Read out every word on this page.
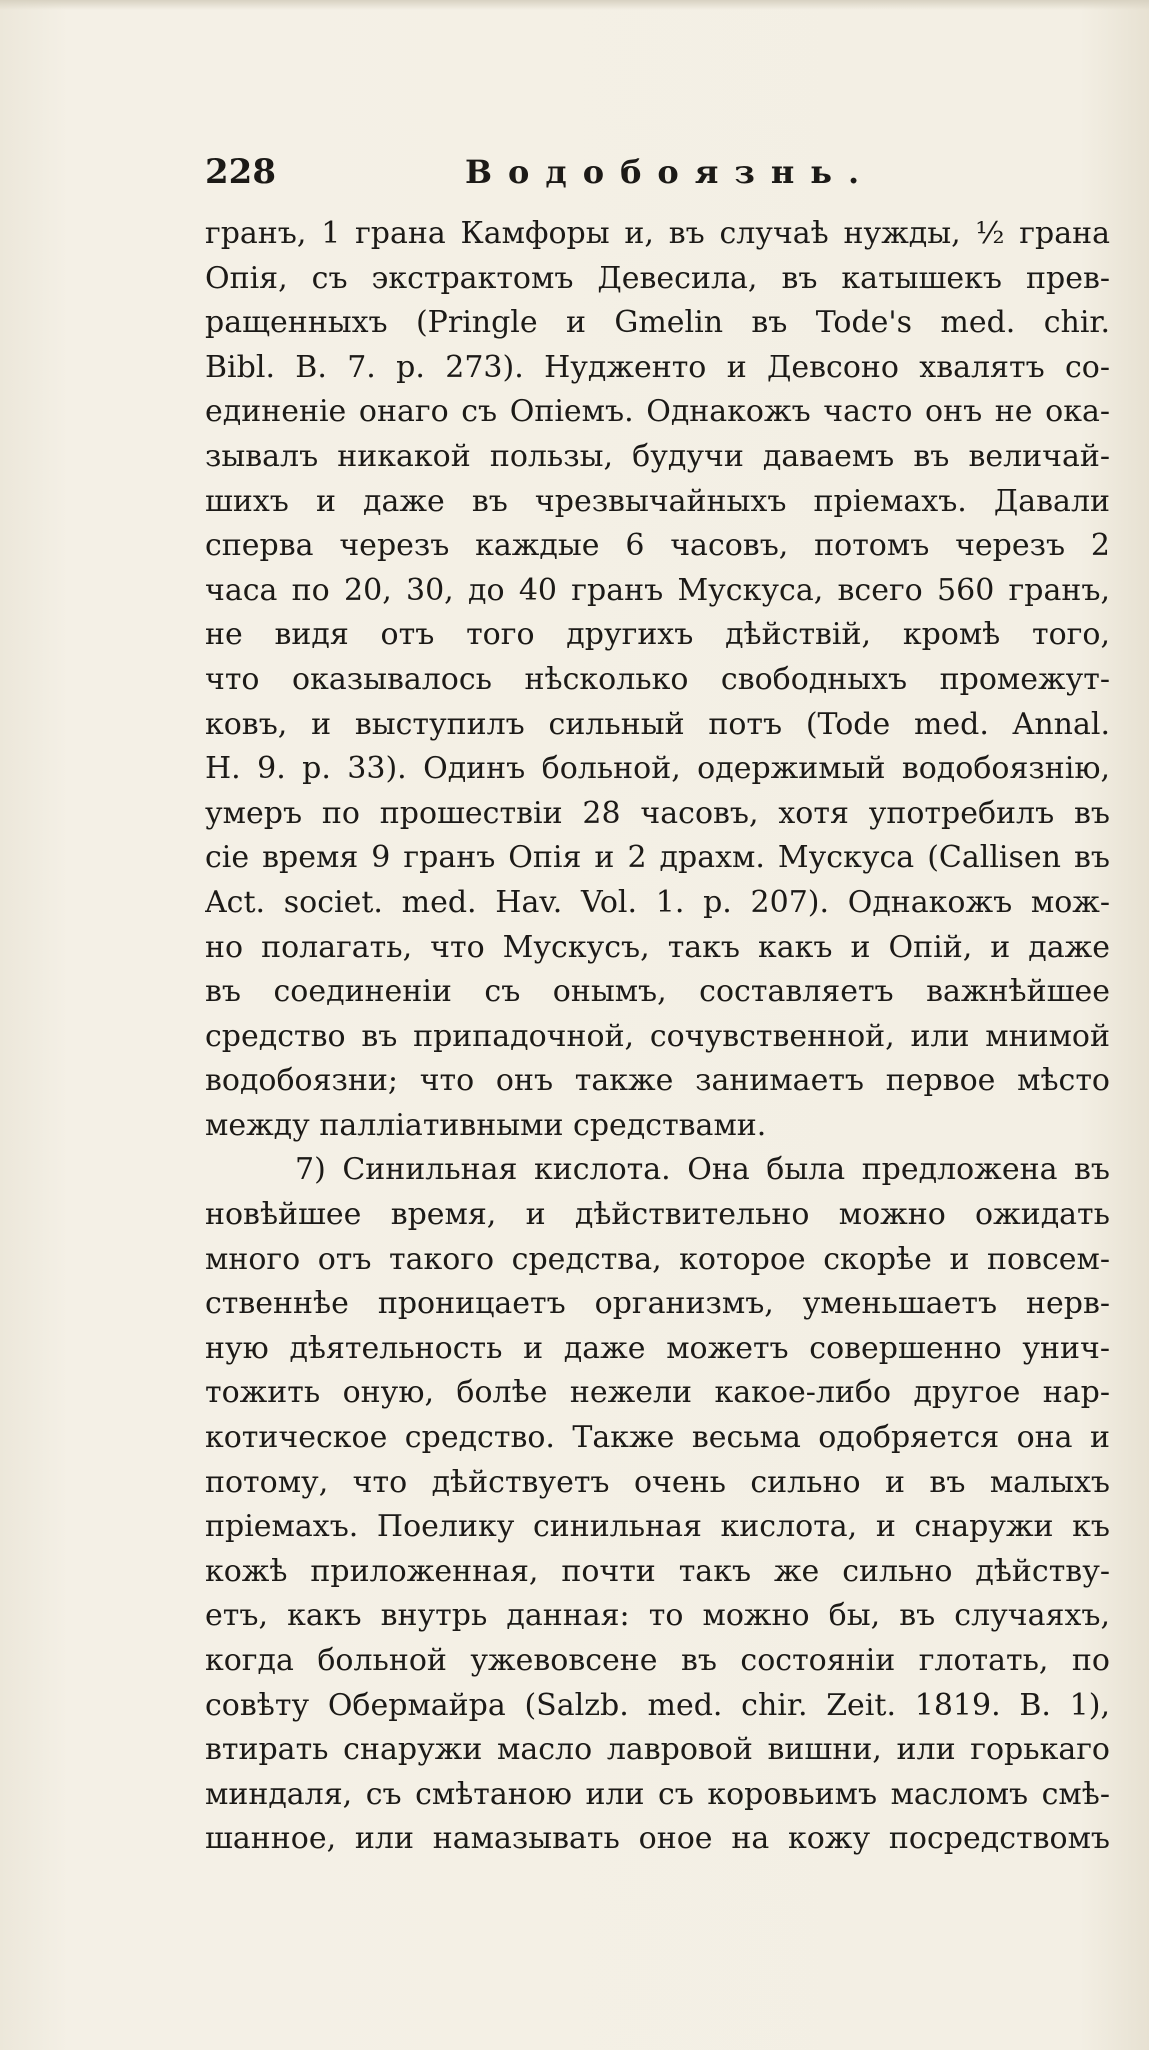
228	Водобоязнь.
гранъ, 1 грана Камфоры и, въ случаѣ нужды, ½ грана
Опія, съ экстрактомъ Девесила, въ катышекъ прев-
ращенныхъ (Pringle и Gmelin въ Tode's med. chir.
Bibl. B. 7. p. 273). Нудженто и Девсоно хвалятъ со-
единеніе онаго съ Опіемъ. Однакожъ часто онъ не ока-
зывалъ никакой пользы, будучи даваемъ въ величай-
шихъ и даже въ чрезвычайныхъ пріемахъ. Давали
сперва черезъ каждые 6 часовъ, потомъ черезъ 2
часа по 20, 30, до 40 гранъ Мускуса, всего 560 гранъ,
не видя отъ того другихъ дѣйствій, кромѣ того,
что оказывалось нѣсколько свободныхъ промежут-
ковъ, и выступилъ сильный потъ (Tode med. Annal.
H. 9. p. 33). Одинъ больной, одержимый водобоязнію,
умеръ по прошествіи 28 часовъ, хотя употребилъ въ
сіе время 9 гранъ Опія и 2 драхм. Мускуса (Callisen въ
Act. societ. med. Hav. Vol. 1. p. 207). Однакожъ мож-
но полагать, что Мускусъ, такъ какъ и Опій, и даже
въ соединеніи съ онымъ, составляетъ важнѣйшее
средство въ припадочной, сочувственной, или мнимой
водобоязни; что онъ также занимаетъ первое мѣсто
между палліативными средствами.
7) Синильная кислота. Она была предложена въ
новѣйшее время, и дѣйствительно можно ожидать
много отъ такого средства, которое скорѣе и повсем-
ственнѣе проницаетъ организмъ, уменьшаетъ нерв-
ную дѣятельность и даже можетъ совершенно унич-
тожить оную, болѣе нежели какое-либо другое нар-
котическое средство. Также весьма одобряется она и
потому, что дѣйствуетъ очень сильно и въ малыхъ
пріемахъ. Поелику синильная кислота, и снаружи къ
кожѣ приложенная, почти такъ же сильно дѣйству-
етъ, какъ внутрь данная: то можно бы, въ случаяхъ,
когда больной ужевовсене въ состояніи глотать, по
совѣту Обермайра (Salzb. med. chir. Zeit. 1819. B. 1),
втирать снаружи масло лавровой вишни, или горькаго
миндаля, съ смѣтаною или съ коровьимъ масломъ смѣ-
шанное, или намазывать оное на кожу посредствомъ
